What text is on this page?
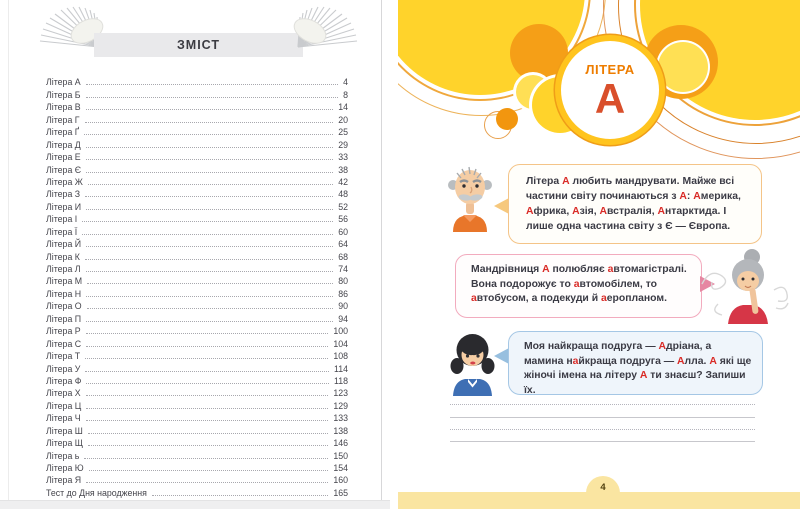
ЗМІСТ
Літера А	4
Літера Б	8
Літера В	14
Літера Г	20
Літера Ґ	25
Літера Д	29
Літера Е	33
Літера Є	38
Літера Ж	42
Літера З	48
Літера И	52
Літера І	56
Літера Ї	60
Літера Й	64
Літера К	68
Літера Л	74
Літера М	80
Літера Н	86
Літера О	90
Літера П	94
Літера Р	100
Літера С	104
Літера Т	108
Літера У	114
Літера Ф	118
Літера Х	123
Літера Ц	129
Літера Ч	133
Літера Ш	138
Літера Щ	146
Літера ь	150
Літера Ю	154
Літера Я	160
Тест до Дня народження	165
ЛІТЕРА
А
Літера А любить мандрувати. Майже всі частини світу починаються з А: Америка, Африка, Азія, Австралія, Антарктида. І лише одна частина світу з Є — Європа.
Мандрівниця А полюбляє автомагістралі. Вона подорожує то автомобілем, то автобусом, а подекуди й аеропланом.
Моя найкраща подруга — Адріана, а мамина найкраща подруга — Алла. А які ще жіночі імена на літеру А ти знаєш? Запиши їх.
4
